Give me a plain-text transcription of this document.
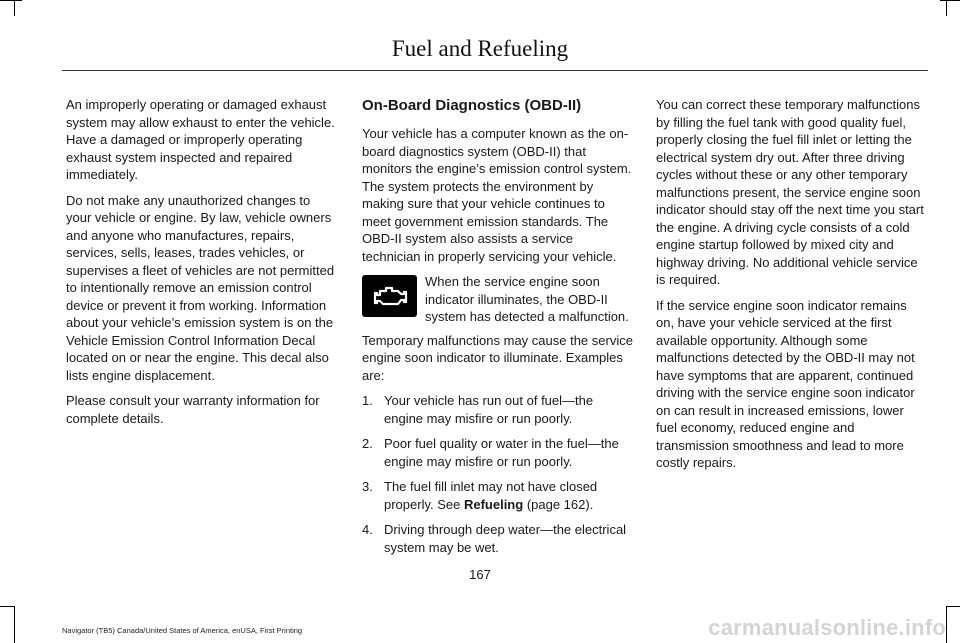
Fuel and Refueling

An improperly operating or damaged exhaust system may allow exhaust to enter the vehicle. Have a damaged or improperly operating exhaust system inspected and repaired immediately.

Do not make any unauthorized changes to your vehicle or engine. By law, vehicle owners and anyone who manufactures, repairs, services, sells, leases, trades vehicles, or supervises a fleet of vehicles are not permitted to intentionally remove an emission control device or prevent it from working. Information about your vehicle’s emission system is on the Vehicle Emission Control Information Decal located on or near the engine. This decal also lists engine displacement.

Please consult your warranty information for complete details.

On-Board Diagnostics (OBD-II)

Your vehicle has a computer known as the on-board diagnostics system (OBD-II) that monitors the engine’s emission control system. The system protects the environment by making sure that your vehicle continues to meet government emission standards. The OBD-II system also assists a service technician in properly servicing your vehicle.

When the service engine soon indicator illuminates, the OBD-II system has detected a malfunction.

Temporary malfunctions may cause the service engine soon indicator to illuminate. Examples are:

1. Your vehicle has run out of fuel—the engine may misfire or run poorly.
2. Poor fuel quality or water in the fuel—the engine may misfire or run poorly.
3. The fuel fill inlet may not have closed properly. See Refueling (page 162).
4. Driving through deep water—the electrical system may be wet.

You can correct these temporary malfunctions by filling the fuel tank with good quality fuel, properly closing the fuel fill inlet or letting the electrical system dry out. After three driving cycles without these or any other temporary malfunctions present, the service engine soon indicator should stay off the next time you start the engine. A driving cycle consists of a cold engine startup followed by mixed city and highway driving. No additional vehicle service is required.

If the service engine soon indicator remains on, have your vehicle serviced at the first available opportunity. Although some malfunctions detected by the OBD-II may not have symptoms that are apparent, continued driving with the service engine soon indicator on can result in increased emissions, lower fuel economy, reduced engine and transmission smoothness and lead to more costly repairs.

167
Navigator (TB5) Canada/United States of America, enUSA, First Printing	carmanualsonline.info
